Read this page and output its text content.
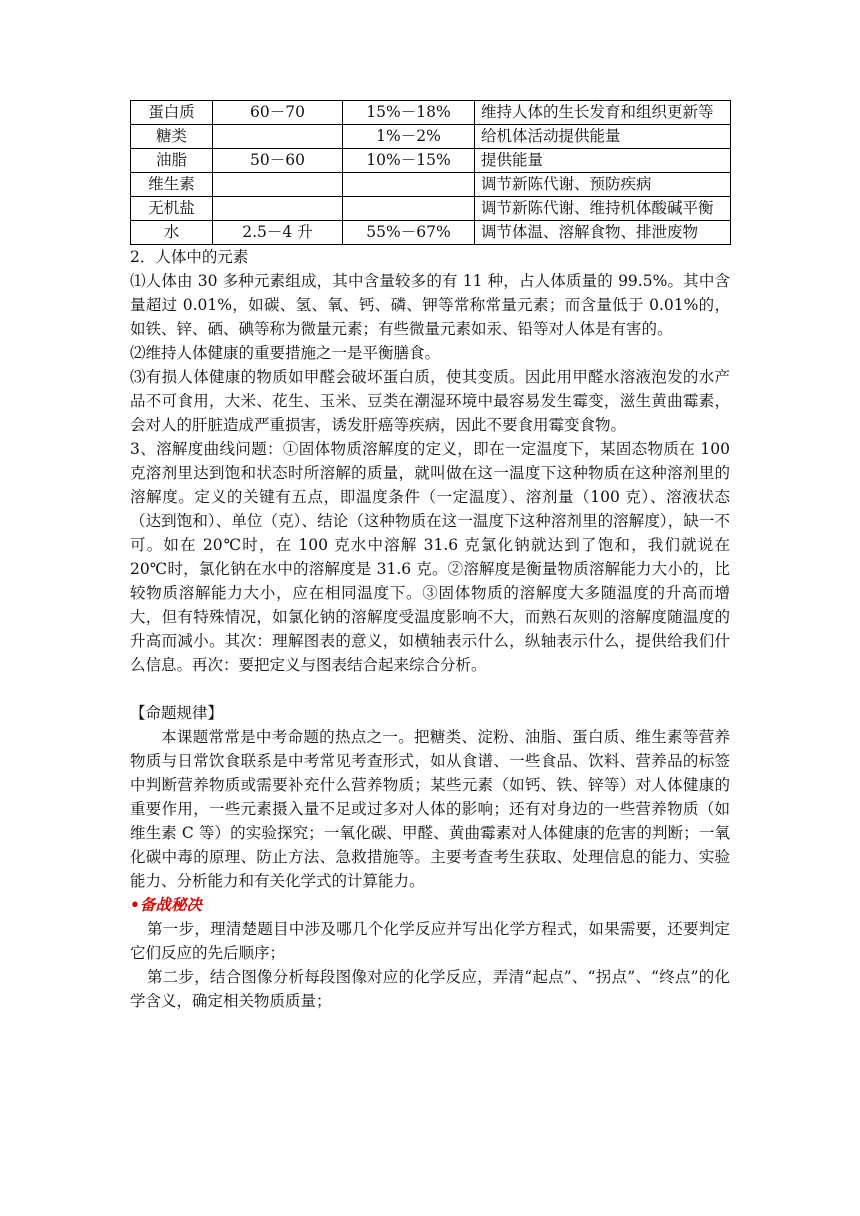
蛋白质	60－70	15%－18%	维持人体的生长发育和组织更新等
糖类		1%－2%	给机体活动提供能量
油脂	50－60	10%－15%	提供能量
维生素			调节新陈代谢、预防疾病
无机盐			调节新陈代谢、维持机体酸碱平衡
水	2.5－4 升	55%－67%	调节体温、溶解食物、排泄废物

2．人体中的元素

⑴人体由 30 多种元素组成，其中含量较多的有 11 种，占人体质量的 99.5%。其中含量超过 0.01%，如碳、氢、氧、钙、磷、钾等常称常量元素；而含量低于 0.01%的，如铁、锌、硒、碘等称为微量元素；有些微量元素如汞、铅等对人体是有害的。

⑵维持人体健康的重要措施之一是平衡膳食。

⑶有损人体健康的物质如甲醛会破坏蛋白质，使其变质。因此用甲醛水溶液泡发的水产品不可食用，大米、花生、玉米、豆类在潮湿环境中最容易发生霉变，滋生黄曲霉素，会对人的肝脏造成严重损害，诱发肝癌等疾病，因此不要食用霉变食物。

3、溶解度曲线问题：①固体物质溶解度的定义，即在一定温度下，某固态物质在 100 克溶剂里达到饱和状态时所溶解的质量，就叫做在这一温度下这种物质在这种溶剂里的溶解度。定义的关键有五点，即温度条件（一定温度）、溶剂量（100 克）、溶液状态（达到饱和）、单位（克）、结论（这种物质在这一温度下这种溶剂里的溶解度），缺一不可。如在 20℃时，在 100 克水中溶解 31.6 克氯化钠就达到了饱和，我们就说在 20℃时，氯化钠在水中的溶解度是 31.6 克。②溶解度是衡量物质溶解能力大小的，比较物质溶解能力大小，应在相同温度下。③固体物质的溶解度大多随温度的升高而增大，但有特殊情况，如氯化钠的溶解度受温度影响不大，而熟石灰则的溶解度随温度的升高而减小。其次：理解图表的意义，如横轴表示什么，纵轴表示什么，提供给我们什么信息。再次：要把定义与图表结合起来综合分析。

【命题规律】

本课题常常是中考命题的热点之一。把糖类、淀粉、油脂、蛋白质、维生素等营养物质与日常饮食联系是中考常见考查形式，如从食谱、一些食品、饮料、营养品的标签中判断营养物质或需要补充什么营养物质；某些元素（如钙、铁、锌等）对人体健康的重要作用，一些元素摄入量不足或过多对人体的影响；还有对身边的一些营养物质（如维生素 C 等）的实验探究；一氧化碳、甲醛、黄曲霉素对人体健康的危害的判断；一氧化碳中毒的原理、防止方法、急救措施等。主要考查考生获取、处理信息的能力、实验能力、分析能力和有关化学式的计算能力。

•备战秘决

第一步，理清楚题目中涉及哪几个化学反应并写出化学方程式，如果需要，还要判定它们反应的先后顺序；

第二步，结合图像分析每段图像对应的化学反应，弄清“起点”、“拐点”、“终点”的化学含义，确定相关物质质量；
